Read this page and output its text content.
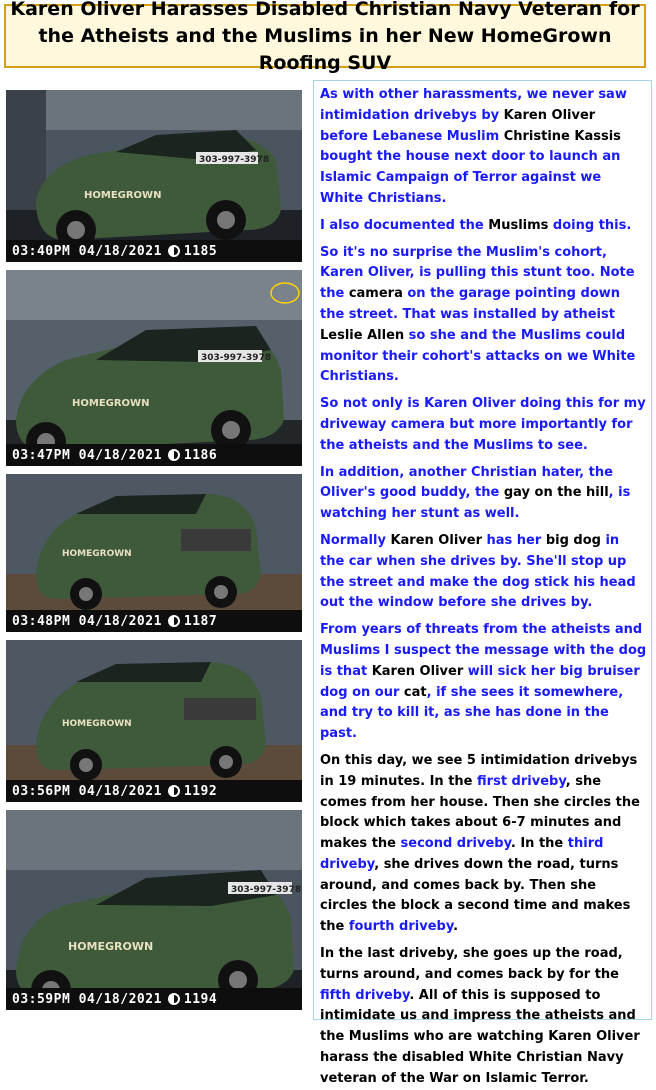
Karen Oliver Harasses Disabled Christian Navy Veteran for the Atheists and the Muslims in her New HomeGrown Roofing SUV
303-997-3978
HOMEGROWN
03:40PM
04/18/2021 1185
303-997-3978
HOMEGROWN
03:47PM
04/18/2021 1186
HOMEGROWN
03:48PM
04/18/2021 1187
HOMEGROWN
03:56PM
04/18/2021 1192
303-997-3978
HOMEGROWN
03:59PM
04/18/2021 1194

As with other harassments, we never saw intimidation drivebys by Karen Oliver before Lebanese Muslim Christine Kassis bought the house next door to launch an Islamic Campaign of Terror against we White Christians.

I also documented the Muslims doing this.

So it's no surprise the Muslim's cohort, Karen Oliver, is pulling this stunt too. Note the camera on the garage pointing down the street. That was installed by atheist Leslie Allen so she and the Muslims could monitor their cohort's attacks on we White Christians.

So not only is Karen Oliver doing this for my driveway camera but more importantly for the atheists and the Muslims to see.

In addition, another Christian hater, the Oliver's good buddy, the gay on the hill, is watching her stunt as well.

Normally Karen Oliver has her big dog in the car when she drives by. She'll stop up the street and make the dog stick his head out the window before she drives by.

From years of threats from the atheists and Muslims I suspect the message with the dog is that Karen Oliver will sick her big bruiser dog on our cat, if she sees it somewhere, and try to kill it, as she has done in the past.

On this day, we see 5 intimidation drivebys in 19 minutes. In the first driveby, she comes from her house. Then she circles the block which takes about 6-7 minutes and makes the second driveby. In the third driveby, she drives down the road, turns around, and comes back by. Then she circles the block a second time and makes the fourth driveby.

In the last driveby, she goes up the road, turns around, and comes back by for the fifth driveby. All of this is supposed to intimidate us and impress the atheists and the Muslims who are watching Karen Oliver harass the disabled White Christian Navy veteran of the War on Islamic Terror.
